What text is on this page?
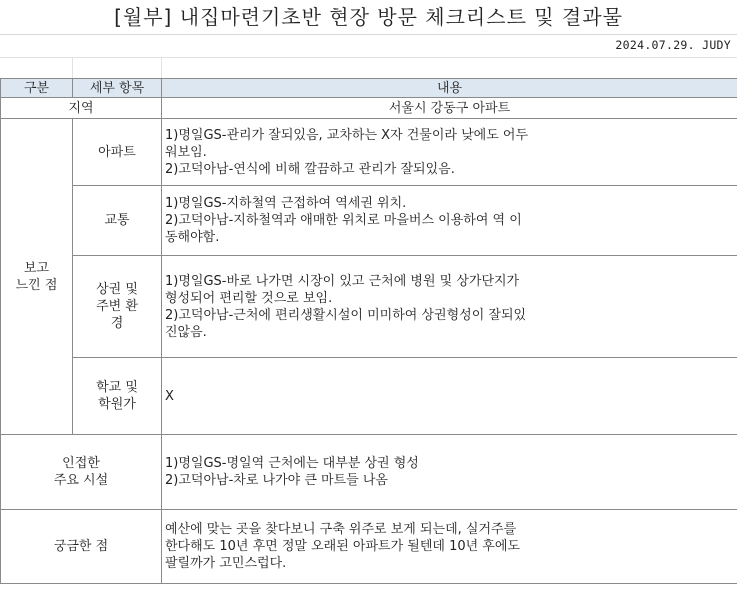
[월부] 내집마련기초반 현장 방문 체크리스트 및 결과물
2024.07.29. JUDY
구분	세부 항목	내용
지역		서울시 강동구 아파트

보고
느낀 점	아파트	1)명일GS-관리가 잘되있음, 교차하는 X자 건물이라 낮에도 어두
워보임.
2)고덕아남-연식에 비해 깔끔하고 관리가 잘되있음.

	교통	1)명일GS-지하철역 근접하여 역세권 위치.
2)고덕아남-지하철역과 애매한 위치로 마을버스 이용하여 역 이
동해야함.

	상권 및
주변 환
경	1)명일GS-바로 나가면 시장이 있고 근처에 병원 및 상가단지가
형성되어 편리할 것으로 보임.
2)고덕아남-근처에 편리생활시설이 미미하여 상권형성이 잘되있
진않음.

	학교 및
학원가	X

인접한
주요 시설		1)명일GS-명일역 근처에는 대부분 상권 형성
2)고덕아남-차로 나가야 큰 마트들 나옴

궁금한 점		예산에 맞는 곳을 찾다보니 구축 위주로 보게 되는데, 실거주를
한다해도 10년 후면 정말 오래된 아파트가 될텐데 10년 후에도
팔릴까가 고민스럽다.
